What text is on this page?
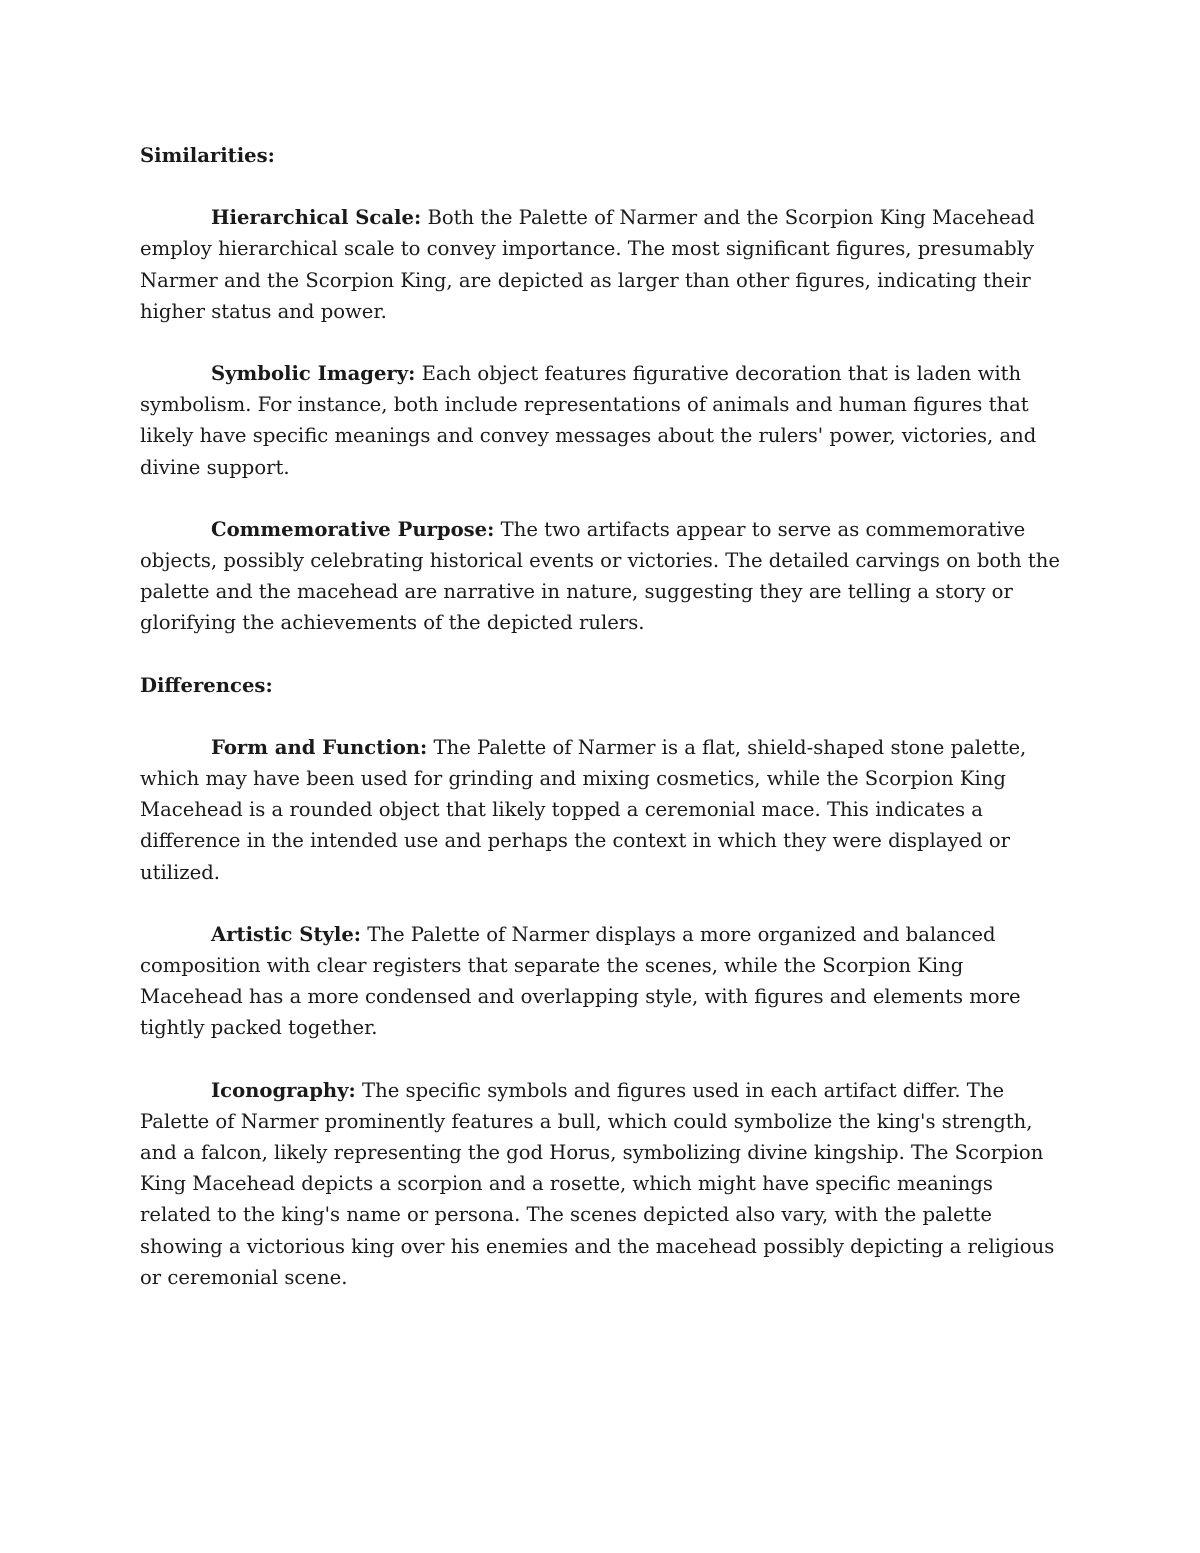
Similarities:

Hierarchical Scale: Both the Palette of Narmer and the Scorpion King Macehead employ hierarchical scale to convey importance. The most significant figures, presumably Narmer and the Scorpion King, are depicted as larger than other figures, indicating their higher status and power.

Symbolic Imagery: Each object features figurative decoration that is laden with symbolism. For instance, both include representations of animals and human figures that likely have specific meanings and convey messages about the rulers' power, victories, and divine support.

Commemorative Purpose: The two artifacts appear to serve as commemorative objects, possibly celebrating historical events or victories. The detailed carvings on both the palette and the macehead are narrative in nature, suggesting they are telling a story or glorifying the achievements of the depicted rulers.

Differences:

Form and Function: The Palette of Narmer is a flat, shield-shaped stone palette, which may have been used for grinding and mixing cosmetics, while the Scorpion King Macehead is a rounded object that likely topped a ceremonial mace. This indicates a difference in the intended use and perhaps the context in which they were displayed or utilized.

Artistic Style: The Palette of Narmer displays a more organized and balanced composition with clear registers that separate the scenes, while the Scorpion King Macehead has a more condensed and overlapping style, with figures and elements more tightly packed together.

Iconography: The specific symbols and figures used in each artifact differ. The Palette of Narmer prominently features a bull, which could symbolize the king's strength, and a falcon, likely representing the god Horus, symbolizing divine kingship. The Scorpion King Macehead depicts a scorpion and a rosette, which might have specific meanings related to the king's name or persona. The scenes depicted also vary, with the palette showing a victorious king over his enemies and the macehead possibly depicting a religious or ceremonial scene.
